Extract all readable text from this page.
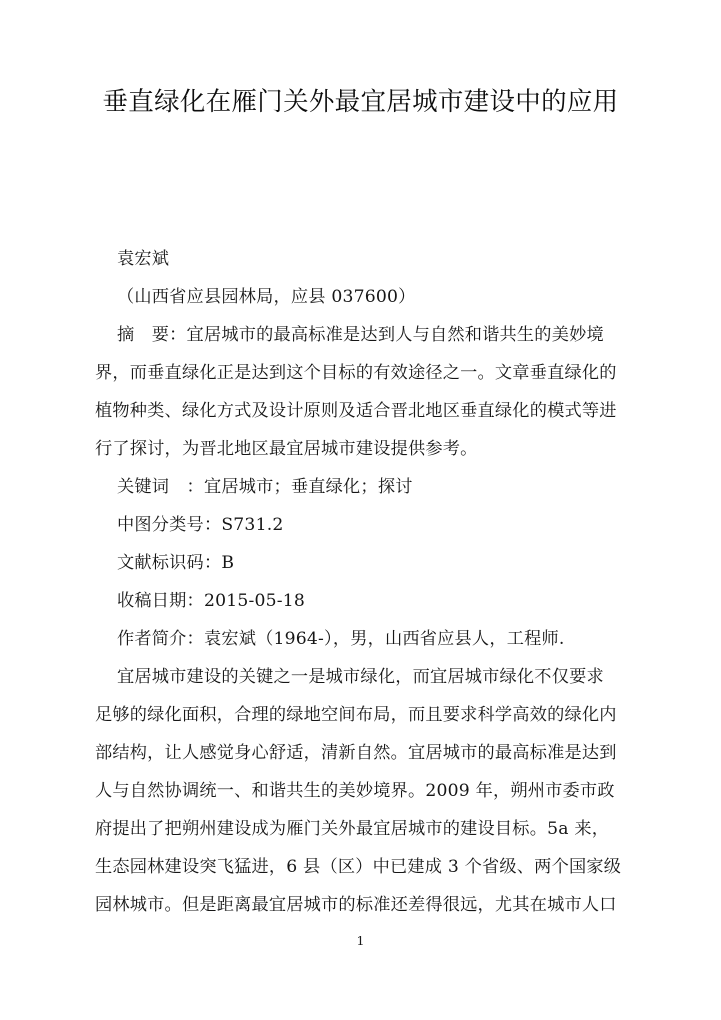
垂直绿化在雁门关外最宜居城市建设中的应用
袁宏斌
（山西省应县园林局，应县 037600）
摘　要：宜居城市的最高标准是达到人与自然和谐共生的美妙境
界，而垂直绿化正是达到这个目标的有效途径之一。文章垂直绿化的
植物种类、绿化方式及设计原则及适合晋北地区垂直绿化的模式等进
行了探讨，为晋北地区最宜居城市建设提供参考。
关键词　：宜居城市；垂直绿化；探讨
中图分类号：S731.2
文献标识码：B
收稿日期：2015-05-18
作者简介：袁宏斌（1964-），男，山西省应县人，工程师.
宜居城市建设的关键之一是城市绿化，而宜居城市绿化不仅要求
足够的绿化面积，合理的绿地空间布局，而且要求科学高效的绿化内
部结构，让人感觉身心舒适，清新自然。宜居城市的最高标准是达到
人与自然协调统一、和谐共生的美妙境界。2009 年，朔州市委市政
府提出了把朔州建设成为雁门关外最宜居城市的建设目标。5a 来，
生态园林建设突飞猛进，6 县（区）中已建成 3 个省级、两个国家级
园林城市。但是距离最宜居城市的标准还差得很远，尤其在城市人口
1
